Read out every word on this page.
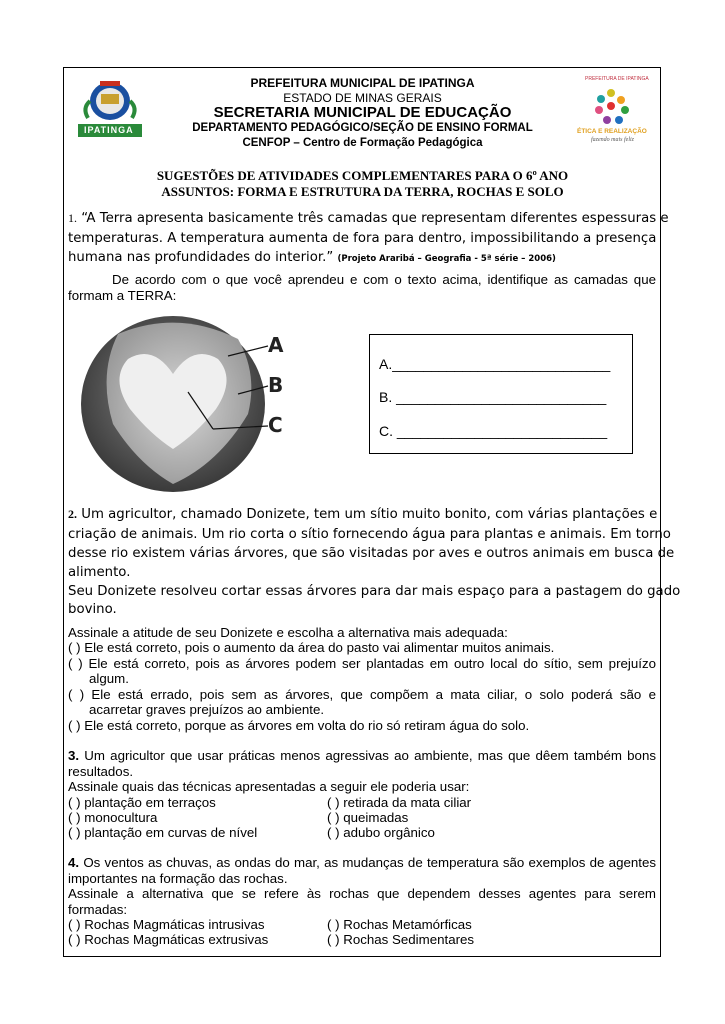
IPATINGA
PREFEITURA DE IPATINGA
ÉTICA E REALIZAÇÃO
fazendo mais feliz
PREFEITURA MUNICIPAL DE IPATINGA
ESTADO DE MINAS GERAIS
SECRETARIA MUNICIPAL DE EDUCAÇÃO
DEPARTAMENTO PEDAGÓGICO/SEÇÃO DE ENSINO FORMAL
CENFOP – Centro de Formação Pedagógica
SUGESTÕES DE ATIVIDADES COMPLEMENTARES PARA O 6º ANO
ASSUNTOS: FORMA E ESTRUTURA DA TERRA, ROCHAS E SOLO
1. “A Terra apresenta basicamente três camadas que representam diferentes espessuras e
temperaturas. A temperatura aumenta de fora para dentro, impossibilitando a presença
humana nas profundidades do interior.” (Projeto Araribá – Geografia - 5ª série – 2006)
De acordo com o que você aprendeu e com o texto acima, identifique as camadas que
formam a TERRA:
A
B
C
A.____________________________
B. ___________________________
C. ___________________________
2. Um agricultor, chamado Donizete, tem um sítio muito bonito, com várias plantações e
criação de animais. Um rio corta o sítio fornecendo água para plantas e animais. Em torno
desse rio existem várias árvores, que são visitadas por aves e outros animais em busca de
alimento.
Seu Donizete resolveu cortar essas árvores para dar mais espaço para a pastagem do gado
bovino.
Assinale a atitude de seu Donizete e escolha a alternativa mais adequada:
( ) Ele está correto, pois o aumento da área do pasto vai alimentar muitos animais.
( ) Ele está correto, pois as árvores podem ser plantadas em outro local do sítio, sem prejuízo
algum.
( ) Ele está errado, pois sem as árvores, que compõem a mata ciliar, o solo poderá são e
acarretar graves prejuízos ao ambiente.
( ) Ele está correto, porque as árvores em volta do rio só retiram água do solo.
3. Um agricultor que usar práticas menos agressivas ao ambiente, mas que dêem também bons
resultados.
Assinale quais das técnicas apresentadas a seguir ele poderia usar:
( ) plantação em terraços
( ) monocultura
( ) plantação em curvas de nível
( ) retirada da mata ciliar
( ) queimadas
( ) adubo orgânico
4. Os ventos as chuvas, as ondas do mar, as mudanças de temperatura são exemplos de agentes
importantes na formação das rochas.
Assinale a alternativa que se refere às rochas que dependem desses agentes para serem
formadas:
( ) Rochas Magmáticas intrusivas
( ) Rochas Magmáticas extrusivas
( ) Rochas Metamórficas
( ) Rochas Sedimentares
